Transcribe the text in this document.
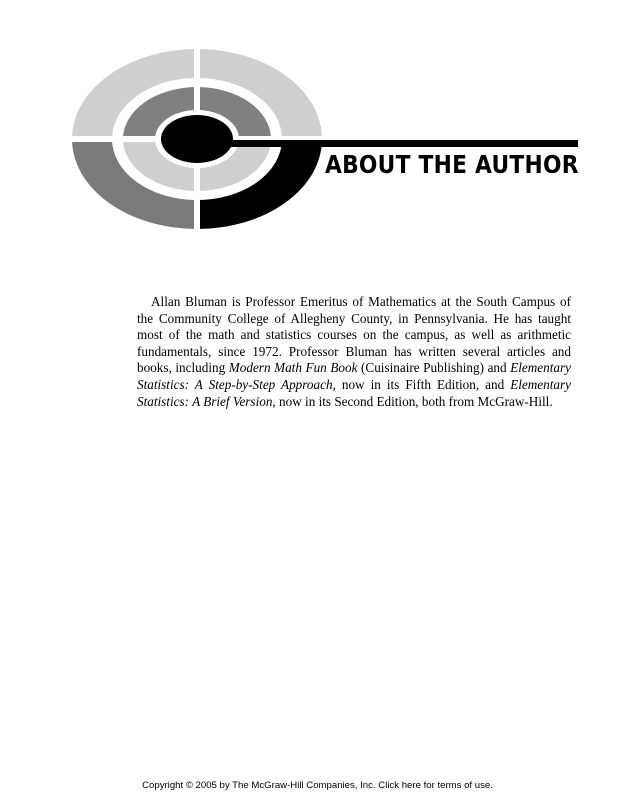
ABOUT THE AUTHOR

Allan Bluman is Professor Emeritus of Mathematics at the South Campus of the Community College of Allegheny County, in Pennsylvania. He has taught most of the math and statistics courses on the campus, as well as arithmetic fundamentals, since 1972. Professor Bluman has written several articles and books, including Modern Math Fun Book (Cuisinaire Publishing) and Elementary Statistics: A Step-by-Step Approach, now in its Fifth Edition, and Elementary Statistics: A Brief Version, now in its Second Edition, both from McGraw-Hill.

Copyright © 2005 by The McGraw-Hill Companies, Inc. Click here for terms of use.
